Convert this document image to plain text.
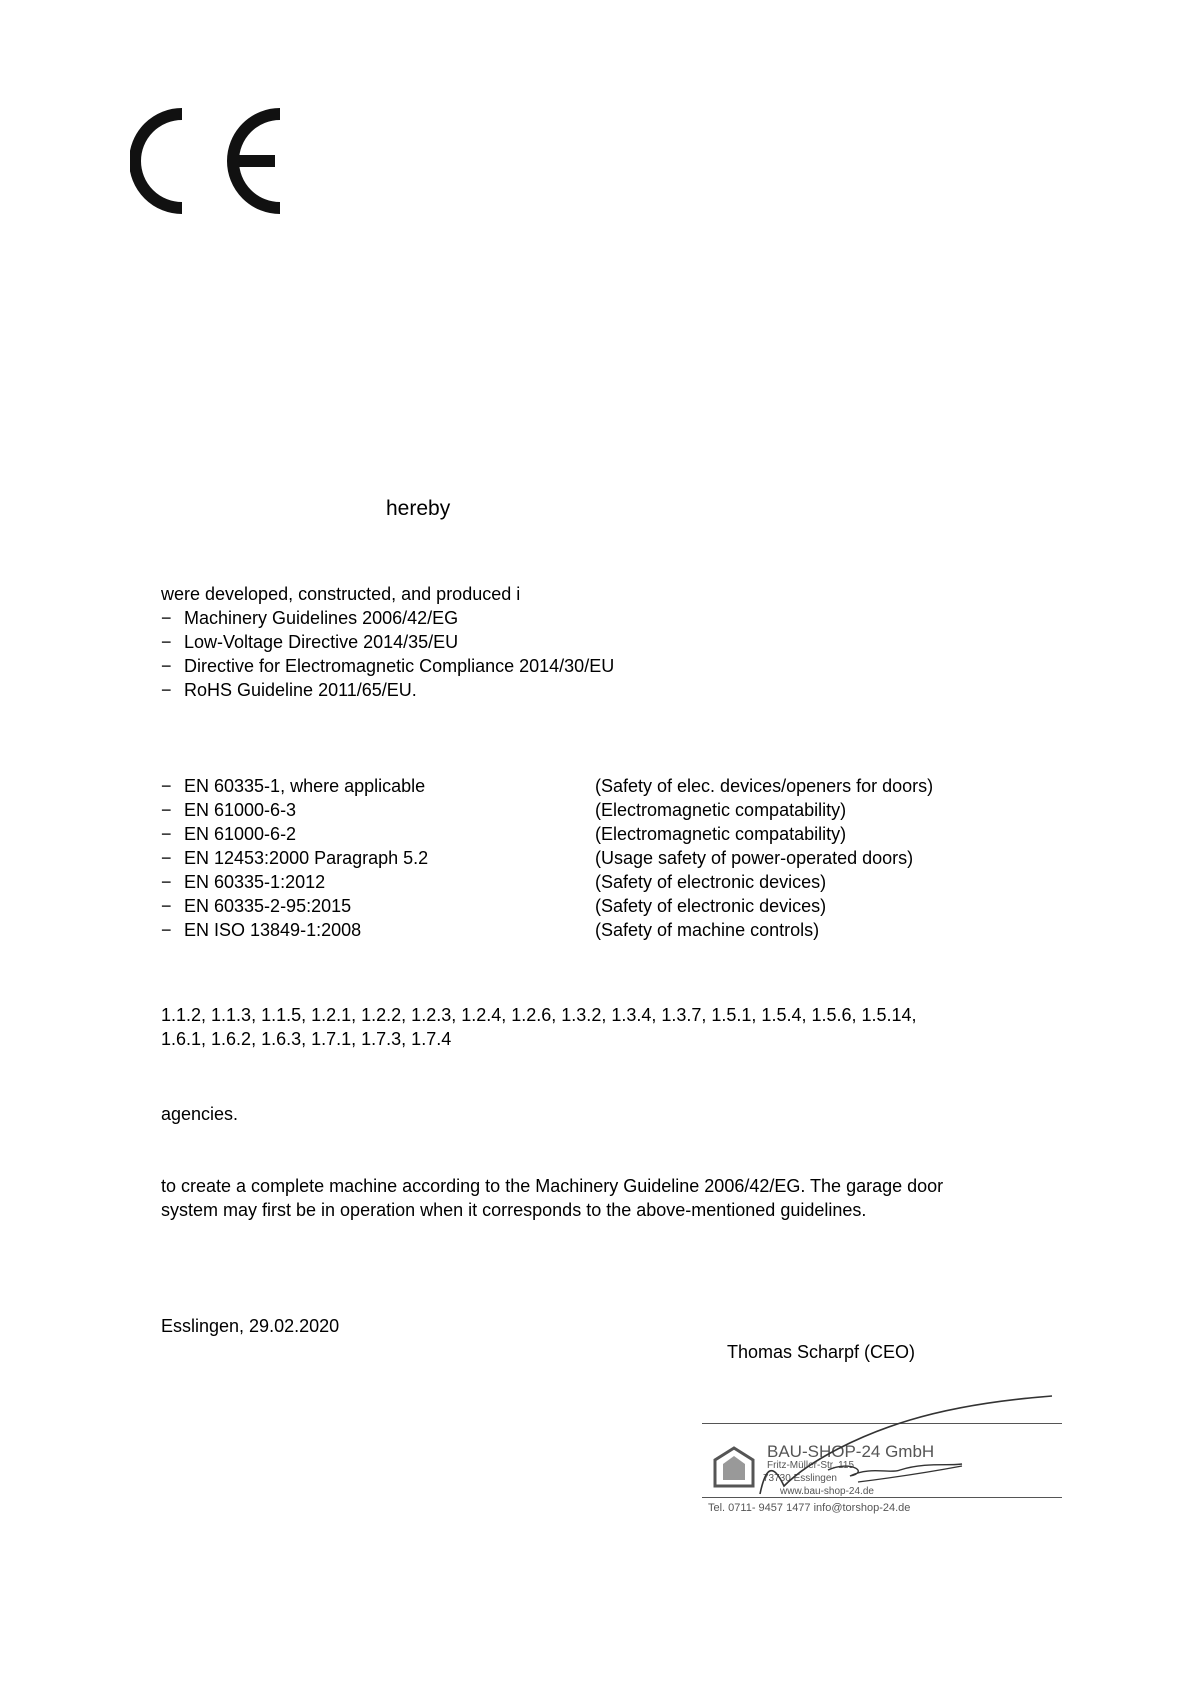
hereby
were developed, constructed, and produced i
− Machinery Guidelines 2006/42/EG
− Low-Voltage Directive 2014/35/EU
− Directive for Electromagnetic Compliance 2014/30/EU
− RoHS Guideline 2011/65/EU.
− EN 60335-1, where applicable	(Safety of elec. devices/openers for doors)
− EN 61000-6-3	(Electromagnetic compatability)
− EN 61000-6-2	(Electromagnetic compatability)
− EN 12453:2000 Paragraph 5.2	(Usage safety of power-operated doors)
− EN 60335-1:2012	(Safety of electronic devices)
− EN 60335-2-95:2015	(Safety of electronic devices)
− EN ISO 13849-1:2008	(Safety of machine controls)
1.1.2, 1.1.3, 1.1.5, 1.2.1, 1.2.2, 1.2.3, 1.2.4, 1.2.6, 1.3.2, 1.3.4, 1.3.7, 1.5.1, 1.5.4, 1.5.6, 1.5.14,
1.6.1, 1.6.2, 1.6.3, 1.7.1, 1.7.3, 1.7.4
agencies.
to create a complete machine according to the Machinery Guideline 2006/42/EG. The garage door
system may first be in operation when it corresponds to the above-mentioned guidelines.
Esslingen, 29.02.2020
Thomas Scharpf (CEO)
BAU-SHOP-24 GmbH
Fritz-Müller-Str. 115
73730 Esslingen
www.bau-shop-24.de
Tel. 0711- 9457 1477 info@torshop-24.de
